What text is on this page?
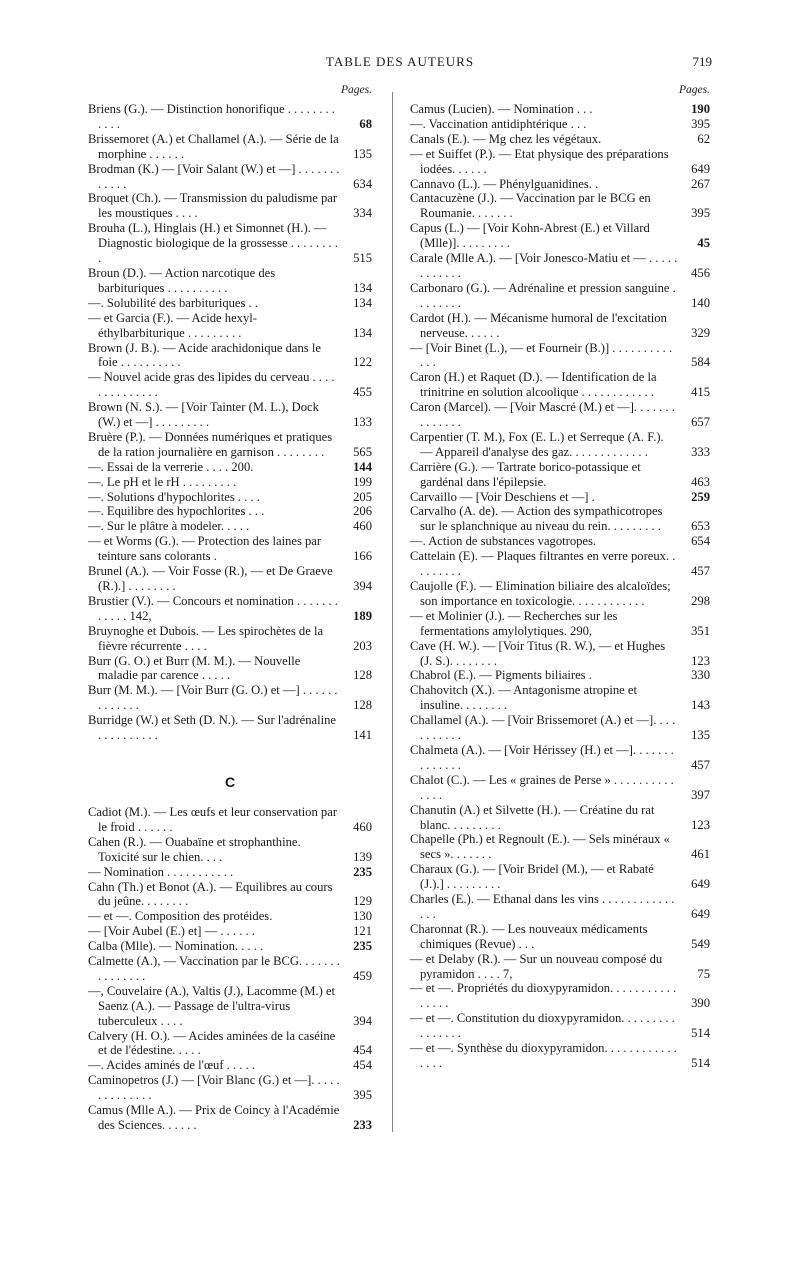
TABLE DES AUTEURS	719
Pages.
Briens (G.). — Distinction honorifique . . . . . . . . . . . .	68
Brissemoret (A.) et Challamel (A.). — Série de la morphine . . . . . .	135
Brodman (K.) — [Voir Salant (W.) et —] . . . . . . . . . . . .	634
Broquet (Ch.). — Transmission du paludisme par les moustiques . . . .	334
Brouha (L.), Hinglais (H.) et Simonnet (H.). — Diagnostic biologique de la grossesse . . . . . . . . .	515
Broun (D.). — Action narcotique des barbituriques . . . . . . . . . .	134
—. Solubilité des barbituriques . .	134
— et Garcia (F.). — Acide hexyl-éthylbarbiturique . . . . . . . . .	134
Brown (J. B.). — Acide arachidonique dans le foie . . . . . . . . . .	122
— Nouvel acide gras des lipides du cerveau . . . . . . . . . . . . . .	455
Brown (N. S.). — [Voir Tainter (M. L.), Dock (W.) et —] . . . . . . . . .	133
Bruère (P.). — Données numériques et pratiques de la ration journalière en garnison . . . . . . . .	565
—. Essai de la verrerie . . . . 200.	144
—. Le pH et le rH . . . . . . . . .	199
—. Solutions d'hypochlorites . . . .	205
—. Equilibre des hypochlorites . . .	206
—. Sur le plâtre à modeler. . . . .	460
— et Worms (G.). — Protection des laines par teinture sans colorants .	166
Brunel (A.). — Voir Fosse (R.), — et De Graeve (R.).] . . . . . . . .	394
Brustier (V.). — Concours et nomination . . . . . . . . . . . . 142,	189
Bruynoghe et Dubois. — Les spirochètes de la fièvre récurrente . . . .	203
Burr (G. O.) et Burr (M. M.). — Nouvelle maladie par carence . . . . .	128
Burr (M. M.). — [Voir Burr (G. O.) et —] . . . . . . . . . . . . .	128
Burridge (W.) et Seth (D. N.). — Sur l'adrénaline . . . . . . . . . .	141
C
Cadiot (M.). — Les œufs et leur conservation par le froid . . . . . .	460
Cahen (R.). — Ouabaïne et strophanthine. Toxicité sur le chien. . . .	139
— Nomination . . . . . . . . . . .	235
Cahn (Th.) et Bonot (A.). — Equilibres au cours du jeûne. . . . . . . .	129
— et —. Composition des protéides.	130
— [Voir Aubel (E.) et] — . . . . . .	121
Calba (Mlle). — Nomination. . . . .	235
Calmette (A.), — Vaccination par le BCG. . . . . . . . . . . . . . .	459
—, Couvelaire (A.), Valtis (J.), Lacomme (M.) et Saenz (A.). — Passage de l'ultra-virus tuberculeux . . . .	394
Calvery (H. O.). — Acides aminées de la caséine et de l'édestine. . . . .	454
—. Acides aminés de l'œuf . . . . .	454
Caminopetros (J.) — [Voir Blanc (G.) et —]. . . . . . . . . . . . . .	395
Camus (Mlle A.). — Prix de Coincy à l'Académie des Sciences. . . . . .	233
Pages.
Camus (Lucien). — Nomination . . .	190
—. Vaccination antidiphtérique . . .	395
Canals (E.). — Mg chez les végétaux.	62
— et Suiffet (P.). — Etat physique des préparations iodées. . . . . .	649
Cannavo (L.). — Phénylguanidines. .	267
Cantacuzène (J.). — Vaccination par le BCG en Roumanie. . . . . . .	395
Capus (L.) — [Voir Kohn-Abrest (E.) et Villard (Mlle)]. . . . . . . . .	45
Carale (Mlle A.). — [Voir Jonesco-Matiu et — . . . . . . . . . . . .	456
Carbonaro (G.). — Adrénaline et pression sanguine . . . . . . . .	140
Cardot (H.). — Mécanisme humoral de l'excitation nerveuse. . . . . .	329
— [Voir Binet (L.), — et Fourneir (B.)] . . . . . . . . . . . . .	584
Caron (H.) et Raquet (D.). — Identification de la trinitrine en solution alcoolique . . . . . . . . . . . .	415
Caron (Marcel). — [Voir Mascré (M.) et —]. . . . . . . . . . . . . .	657
Carpentier (T. M.), Fox (E. L.) et Serreque (A. F.). — Appareil d'analyse des gaz. . . . . . . . . . . . .	333
Carrière (G.). — Tartrate borico-potassique et gardénal dans l'épilepsie.	463
Carvaillo — [Voir Deschiens et —] .	259
Carvalho (A. de). — Action des sympathicotropes sur le splanchnique au niveau du rein. . . . . . . . .	653
—. Action de substances vagotropes.	654
Cattelain (E). — Plaques filtrantes en verre poreux. . . . . . . . .	457
Caujolle (F.). — Elimination biliaire des alcaloïdes; son importance en toxicologie. . . . . . . . . . . .	298
— et Molinier (J.). — Recherches sur les fermentations amylolytiques. 290,	351
Cave (H. W.). — [Voir Titus (R. W.), — et Hughes (J. S.). . . . . . . .	123
Chabrol (E.). — Pigments biliaires .	330
Chahovitch (X.). — Antagonisme atropine et insuline. . . . . . . .	143
Challamel (A.). — [Voir Brissemoret (A.) et —]. . . . . . . . . . .	135
Chalmeta (A.). — [Voir Hérissey (H.) et —]. . . . . . . . . . . . . .	457
Chalot (C.). — Les « graines de Perse » . . . . . . . . . . . . . .	397
Chanutin (A.) et Silvette (H.). — Créatine du rat blanc. . . . . . . . .	123
Chapelle (Ph.) et Regnoult (E.). — Sels minéraux « secs ». . . . . . .	461
Charaux (G.). — [Voir Bridel (M.), — et Rabaté (J.).] . . . . . . . . .	649
Charles (E.). — Ethanal dans les vins . . . . . . . . . . . . . . .	649
Charonnat (R.). — Les nouveaux médicaments chimiques (Revue) . . .	549
— et Delaby (R.). — Sur un nouveau composé du pyramidon . . . . 7,	75
— et —. Propriétés du dioxypyramidon. . . . . . . . . . . . . . . .	390
— et —. Constitution du dioxypyramidon. . . . . . . . . . . . . . . .	514
— et —. Synthèse du dioxypyramidon. . . . . . . . . . . . . . . .	514
